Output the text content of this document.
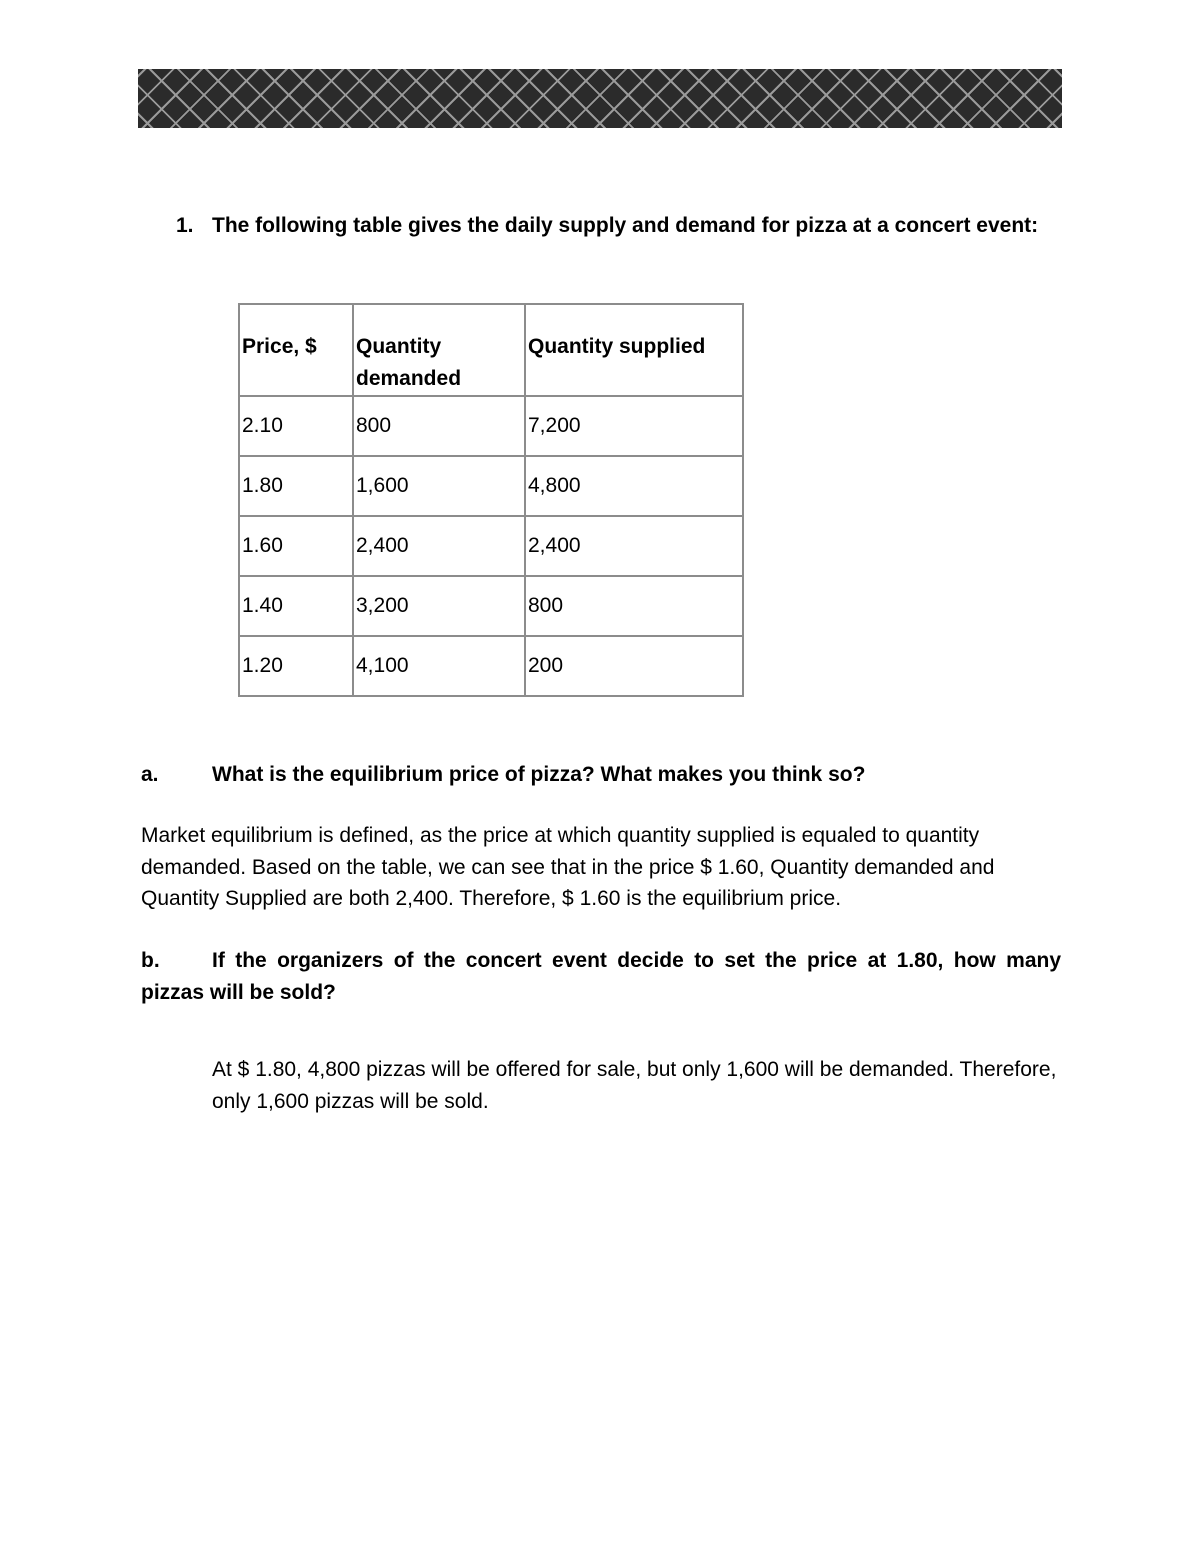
1. The following table gives the daily supply and demand for pizza at a concert event:
Price, $	Quantity demanded	Quantity supplied
2.10	800	7,200
1.80	1,600	4,800
1.60	2,400	2,400
1.40	3,200	800
1.20	4,100	200
a.	What is the equilibrium price of pizza? What makes you think so?
Market equilibrium is defined, as the price at which quantity supplied is equaled to quantity demanded. Based on the table, we can see that in the price $ 1.60, Quantity demanded and Quantity Supplied are both 2,400. Therefore, $ 1.60 is the equilibrium price.
b.	If the organizers of the concert event decide to set the price at 1.80, how many pizzas will be sold?
At $ 1.80, 4,800 pizzas will be offered for sale, but only 1,600 will be demanded. Therefore, only 1,600 pizzas will be sold.
